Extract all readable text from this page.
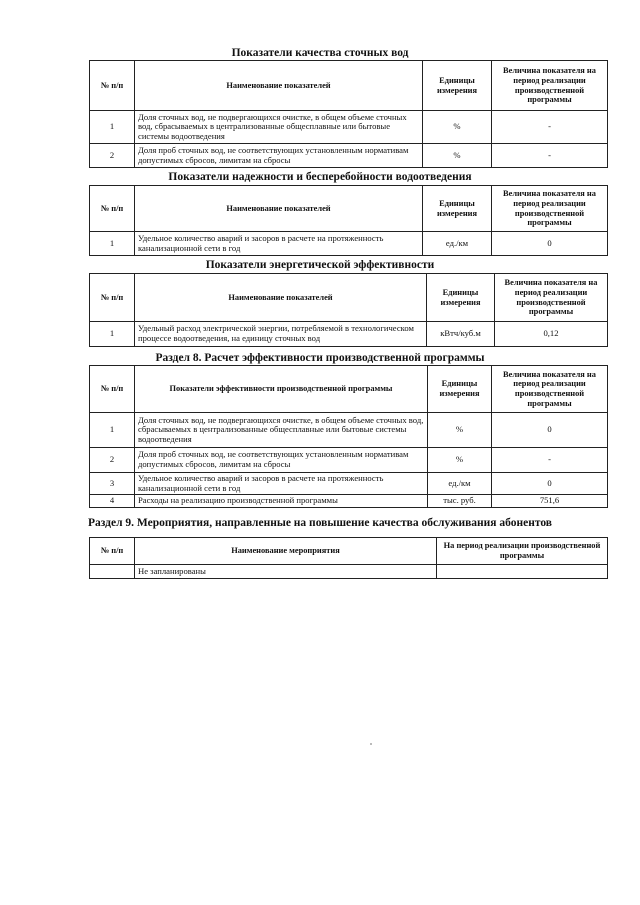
Показатели качества сточных вод
№ п/п	Наименование показателей	Единицы измерения	Величина показателя на период реализации производственной программы
1	Доля сточных вод, не подвергающихся очистке, в общем объеме сточных вод, сбрасываемых в централизованные общесплавные или бытовые системы водоотведения	%	-
2	Доля проб сточных вод, не соответствующих установленным нормативам допустимых сбросов, лимитам на сбросы	%	-
Показатели надежности и бесперебойности водоотведения
№ п/п	Наименование показателей	Единицы измерения	Величина показателя на период реализации производственной программы
1	Удельное количество аварий и засоров в расчете на протяженность канализационной сети в год	ед./км	0
Показатели энергетической эффективности
№ п/п	Наименование показателей	Единицы измерения	Величина показателя на период реализации производственной программы
1	Удельный расход электрической энергии, потребляемой в технологическом процессе водоотведения, на единицу сточных вод	кВтч/куб.м	0,12
Раздел 8. Расчет эффективности производственной программы
№ п/п	Показатели эффективности производственной программы	Единицы измерения	Величина показателя на период реализации производственной программы
1	Доля сточных вод, не подвергающихся очистке, в общем объеме сточных вод, сбрасываемых в централизованные общесплавные или бытовые системы водоотведения	%	0
2	Доля проб сточных вод, не соответствующих установленным нормативам допустимых сбросов, лимитам на сбросы	%	-
3	Удельное количество аварий и засоров в расчете на протяженность канализационной сети в год	ед./км	0
4	Расходы на реализацию производственной программы	тыс. руб.	751,6
Раздел 9. Мероприятия, направленные на повышение качества обслуживания абонентов
№ п/п	Наименование мероприятия	На период реализации производственной программы
	Не запланированы	
